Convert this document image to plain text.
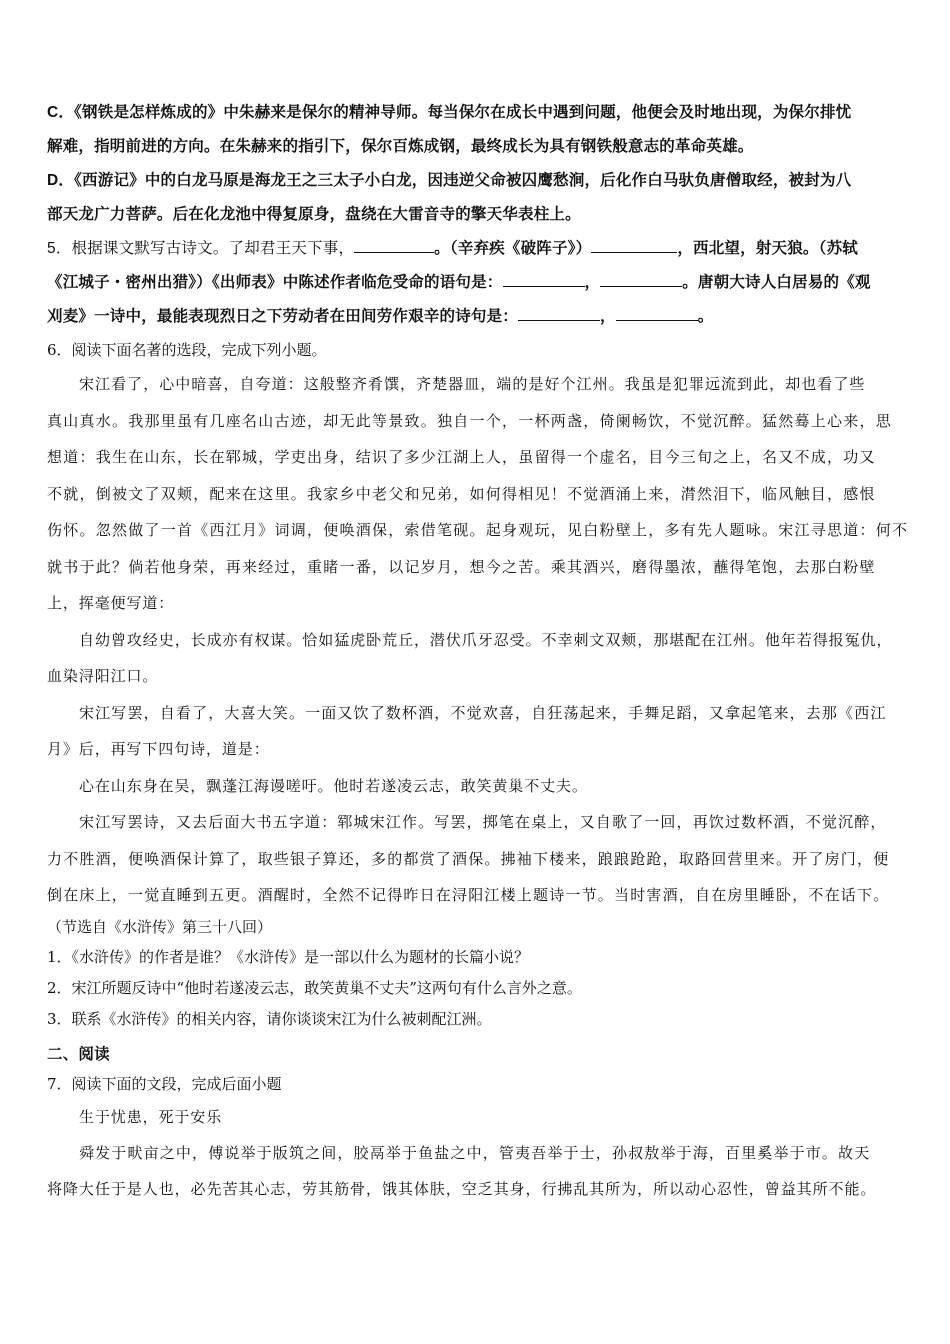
C．《钢铁是怎样炼成的》中朱赫来是保尔的精神导师。每当保尔在成长中遇到问题，他便会及时地出现，为保尔排忧
解难，指明前进的方向。在朱赫来的指引下，保尔百炼成钢，最终成长为具有钢铁般意志的革命英雄。
D．《西游记》中的白龙马原是海龙王之三太子小白龙，因违逆父命被囚鹰愁涧，后化作白马驮负唐僧取经，被封为八
部天龙广力菩萨。后在化龙池中得复原身，盘绕在大雷音寺的擎天华表柱上。
5．根据课文默写古诗文。了却君王天下事，	。（辛弃疾《破阵子》）	，西北望，射天狼。（苏轼
《江城子・密州出猎》）《出师表》中陈述作者临危受命的语句是：	，	。唐朝大诗人白居易的《观
刈麦》一诗中，最能表现烈日之下劳动者在田间劳作艰辛的诗句是：	，	。
6．阅读下面名著的选段，完成下列小题。
宋江看了，心中暗喜，自夸道：这般整齐肴馔，齐楚器皿，端的是好个江州。我虽是犯罪远流到此，却也看了些
真山真水。我那里虽有几座名山古迹，却无此等景致。独自一个，一杯两盏，倚阑畅饮，不觉沉醉。猛然蓦上心来，思
想道：我生在山东，长在郓城，学吏出身，结识了多少江湖上人，虽留得一个虚名，目今三旬之上，名又不成，功又
不就，倒被文了双颊，配来在这里。我家乡中老父和兄弟，如何得相见！不觉酒涌上来，潸然泪下，临风触目，感恨
伤怀。忽然做了一首《西江月》词调，便唤酒保，索借笔砚。起身观玩，见白粉壁上，多有先人题咏。宋江寻思道：何不
就书于此？倘若他身荣，再来经过，重睹一番，以记岁月，想今之苦。乘其酒兴，磨得墨浓，蘸得笔饱，去那白粉壁
上，挥毫便写道：
自幼曾攻经史，长成亦有权谋。恰如猛虎卧荒丘，潜伏爪牙忍受。不幸刺文双颊，那堪配在江州。他年若得报冤仇，
血染浔阳江口。
宋江写罢，自看了，大喜大笑。一面又饮了数杯酒，不觉欢喜，自狂荡起来，手舞足蹈，又拿起笔来，去那《西江
月》后，再写下四句诗，道是：
心在山东身在吴，飘蓬江海谩嗟吁。他时若遂凌云志，敢笑黄巢不丈夫。
宋江写罢诗，又去后面大书五字道：郓城宋江作。写罢，掷笔在桌上，又自歌了一回，再饮过数杯酒，不觉沉醉，
力不胜酒，便唤酒保计算了，取些银子算还，多的都赏了酒保。拂袖下楼来，踉踉跄跄，取路回营里来。开了房门，便
倒在床上，一觉直睡到五更。酒醒时，全然不记得昨日在浔阳江楼上题诗一节。当时害酒，自在房里睡卧，不在话下。
（节选自《水浒传》第三十八回）
1．《水浒传》的作者是谁？《水浒传》是一部以什么为题材的长篇小说？
2．宋江所题反诗中“他时若遂凌云志，敢笑黄巢不丈夫”这两句有什么言外之意。
3．联系《水浒传》的相关内容，请你谈谈宋江为什么被刺配江洲。
二、阅读
7．阅读下面的文段，完成后面小题
生于忧患，死于安乐
舜发于畎亩之中，傅说举于版筑之间，胶鬲举于鱼盐之中，管夷吾举于士，孙叔敖举于海，百里奚举于市。故天
将降大任于是人也，必先苦其心志，劳其筋骨，饿其体肤，空乏其身，行拂乱其所为，所以动心忍性，曾益其所不能。
